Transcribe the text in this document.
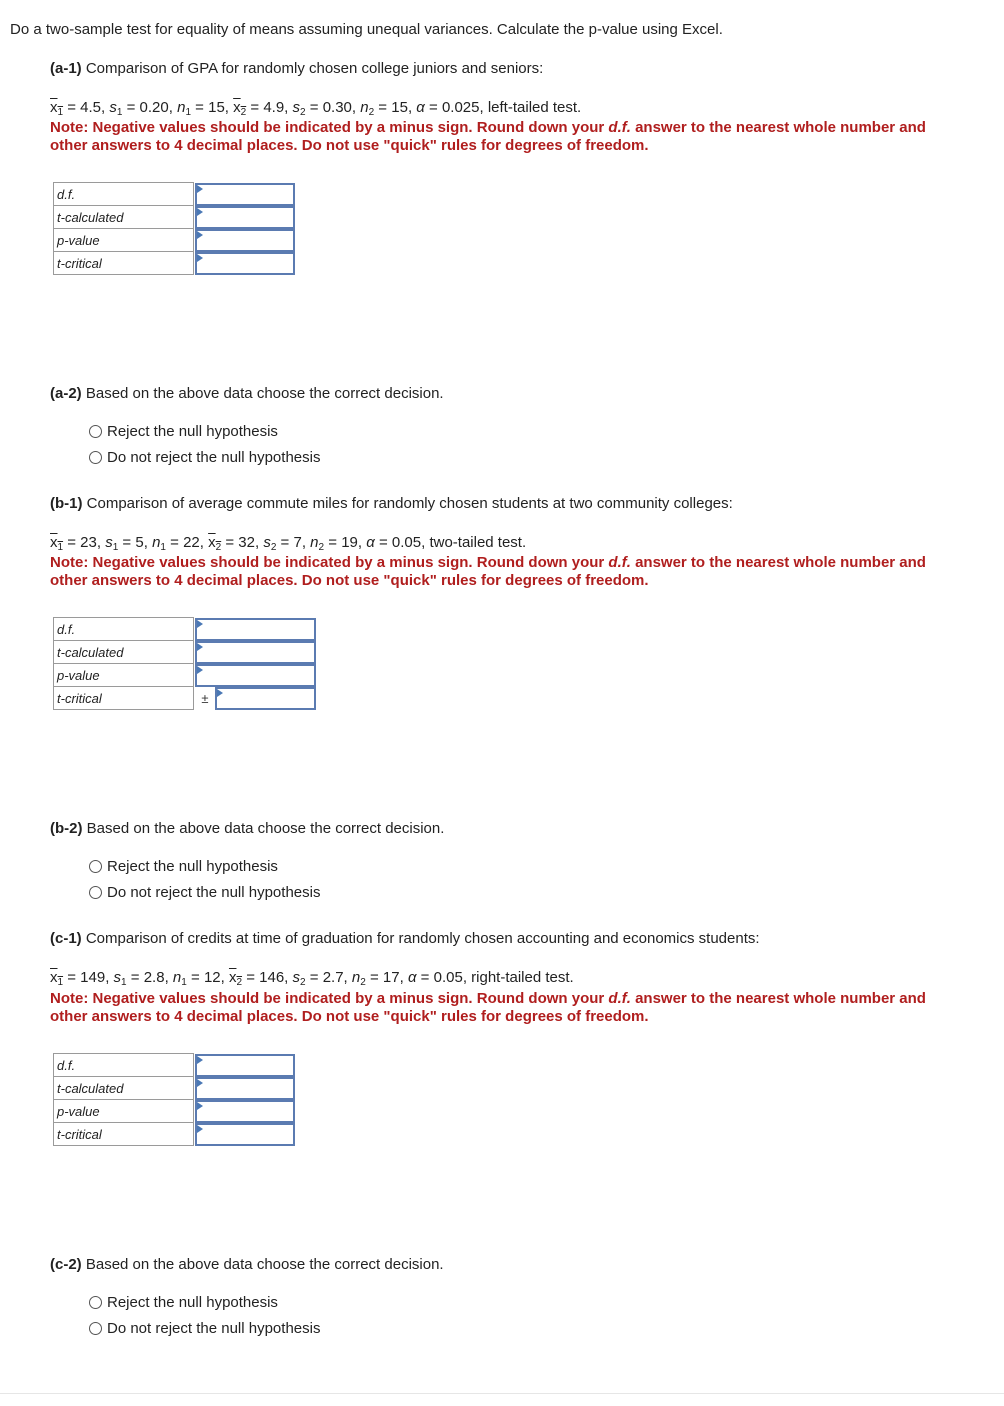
Do a two-sample test for equality of means assuming unequal variances. Calculate the p-value using Excel.
(a-1) Comparison of GPA for randomly chosen college juniors and seniors:
$x_1 = 4.5$, $s_1 = 0.20$, $n_1 = 15$, $x_2 = 4.9$, $s_2 = 0.30$, $n_2 = 15$, α = 0.025, left-tailed test.
Note: Negative values should be indicated by a minus sign. Round down your d.f. answer to the nearest whole number and other answers to 4 decimal places. Do not use "quick" rules for degrees of freedom.
d.f.	

t-calculated	

p-value	

t-critical	
(a-2) Based on the above data choose the correct decision.
Reject the null hypothesis
Do not reject the null hypothesis
(b-1) Comparison of average commute miles for randomly chosen students at two community colleges:
$x_1 = 23$, $s_1 = 5$, $n_1 = 22$, $x_2 = 32$, $s_2 = 7$, $n_2 = 19$, α = 0.05, two-tailed test.
Note: Negative values should be indicated by a minus sign. Round down your d.f. answer to the nearest whole number and other answers to 4 decimal places. Do not use "quick" rules for degrees of freedom.
d.f.	

t-calculated	

p-value	

t-critical	±
(b-2) Based on the above data choose the correct decision.
Reject the null hypothesis
Do not reject the null hypothesis
(c-1) Comparison of credits at time of graduation for randomly chosen accounting and economics students:
$x_1 = 149$, $s_1 = 2.8$, $n_1 = 12$, $x_2 = 146$, $s_2 = 2.7$, $n_2 = 17$, α = 0.05, right-tailed test.
Note: Negative values should be indicated by a minus sign. Round down your d.f. answer to the nearest whole number and other answers to 4 decimal places. Do not use "quick" rules for degrees of freedom.
d.f.	

t-calculated	

p-value	

t-critical	
(c-2) Based on the above data choose the correct decision.
Reject the null hypothesis
Do not reject the null hypothesis
